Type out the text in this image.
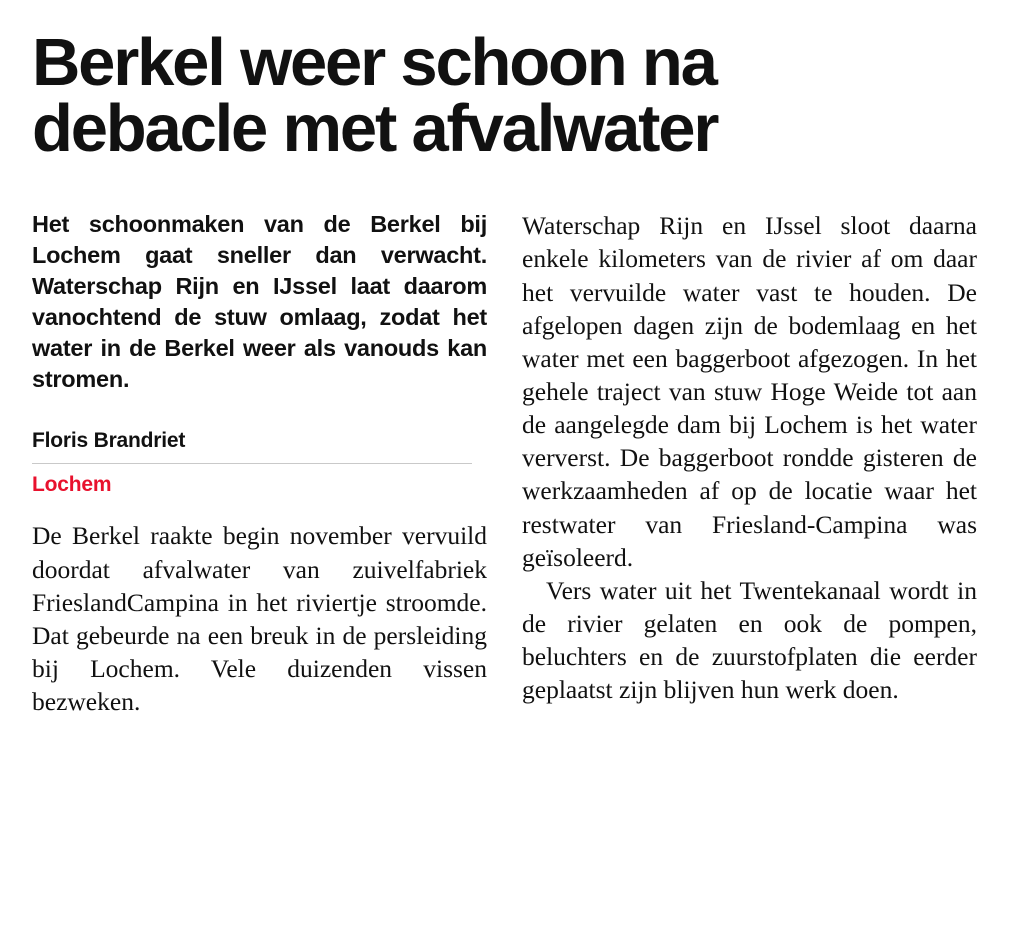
Berkel weer schoon na
debacle met afvalwater

Het schoonmaken van de Berkel bij Lochem gaat sneller dan verwacht. Waterschap Rijn en IJssel laat daarom vanochtend de stuw omlaag, zodat het water in de Berkel weer als vanouds kan stromen.

Floris Brandriet
Lochem

De Berkel raakte begin november vervuild doordat afvalwater van zuivelfabriek FrieslandCampina in het riviertje stroomde. Dat gebeurde na een breuk in de persleiding bij Lochem. Vele duizenden vissen bezweken.

Waterschap Rijn en IJssel sloot daarna enkele kilometers van de rivier af om daar het vervuilde water vast te houden. De afgelopen dagen zijn de bodemlaag en het water met een baggerboot afgezogen. In het gehele traject van stuw Hoge Weide tot aan de aangelegde dam bij Lochem is het water ververst. De baggerboot rondde gisteren de werkzaamheden af op de locatie waar het restwater van Friesland-Campina was geïsoleerd.

Vers water uit het Twentekanaal wordt in de rivier gelaten en ook de pompen, beluchters en de zuurstofplaten die eerder geplaatst zijn blijven hun werk doen.
